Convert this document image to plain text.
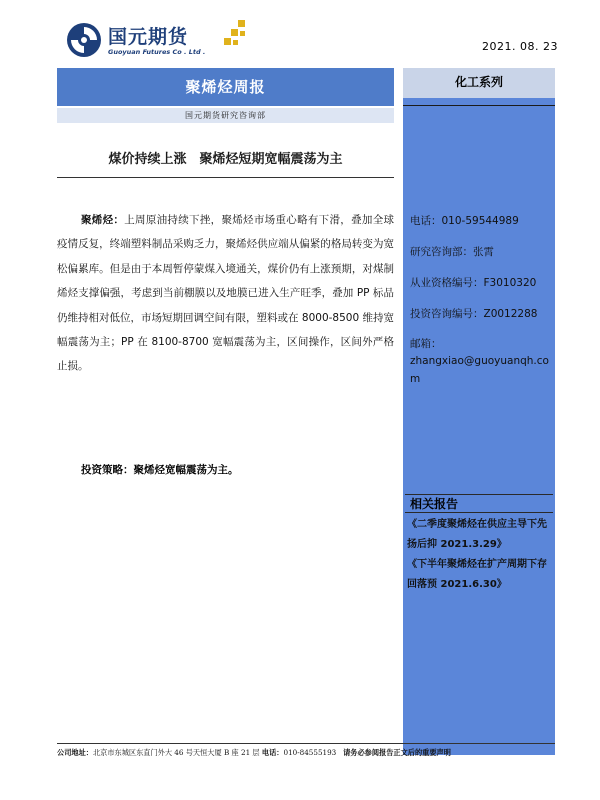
国元期货
Guoyuan Futures Co . Ltd .	2021. 08. 23
化工系列
聚烯烃周报
国元期货研究咨询部
煤价持续上涨　聚烯烃短期宽幅震荡为主
聚烯烃：上周原油持续下挫，聚烯烃市场重心略有下滑，叠加全球疫情反复，终端塑料制品采购乏力，聚烯烃供应端从偏紧的格局转变为宽松偏累库。但是由于本周暂停蒙煤入境通关，煤价仍有上涨预期，对煤制烯烃支撑偏强，考虑到当前棚膜以及地膜已进入生产旺季，叠加 PP 标品仍维持相对低位，市场短期回调空间有限，塑料或在 8000-8500 维持宽幅震荡为主；PP 在 8100-8700 宽幅震荡为主，区间操作，区间外严格止损。
投资策略：聚烯烃宽幅震荡为主。
电话：010-59544989
研究咨询部：张霄
从业资格编号：F3010320
投资咨询编号：Z0012288
邮箱：
zhangxiao@guoyuanqh.com
相关报告
《二季度聚烯烃在供应主导下先扬后抑 2021.3.29》
《下半年聚烯烃在扩产周期下存回落预 2021.6.30》
公司地址：北京市东城区东直门外大 46 号天恒大厦 B 座 21 层 电话：010-84555193 请务必参阅报告正文后的重要声明
